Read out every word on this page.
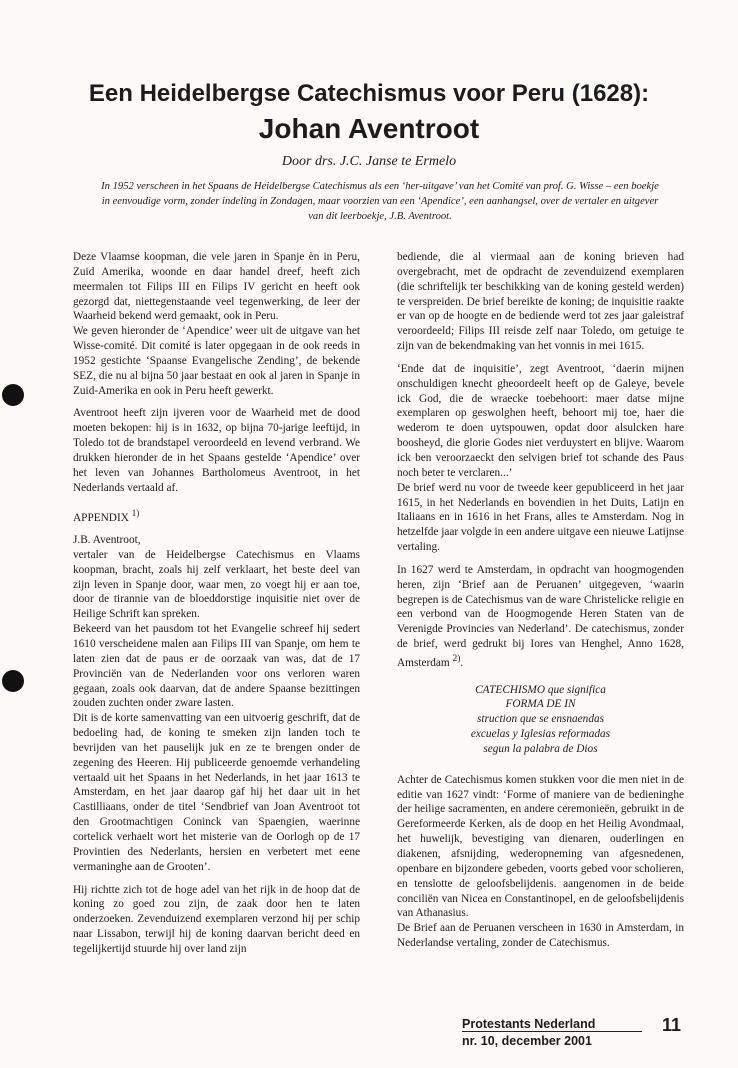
Een Heidelbergse Catechismus voor Peru (1628):
Johan Aventroot
Door drs. J.C. Janse te Ermelo
In 1952 verscheen in het Spaans de Heidelbergse Catechismus als een ‘her-uitgave’ van het Comité van prof. G. Wisse – een boekje in eenvoudige vorm, zonder indeling in Zondagen, maar voorzien van een ‘Apendice’, een aanhangsel, over de vertaler en uitgever van dit leerboekje, J.B. Aventroot.

Deze Vlaamse koopman, die vele jaren in Spanje èn in Peru, Zuid Amerika, woonde en daar handel dreef, heeft zich meermalen tot Filips III en Filips IV gericht en heeft ook gezorgd dat, niettegenstaande veel tegenwerking, de leer der Waarheid bekend werd gemaakt, ook in Peru.

We geven hieronder de ‘Apendice’ weer uit de uitgave van het Wisse-comité. Dit comité is later opgegaan in de ook reeds in 1952 gestichte ‘Spaanse Evangelische Zending’, de bekende SEZ, die nu al bijna 50 jaar bestaat en ook al jaren in Spanje in Zuid-Amerika en ook in Peru heeft gewerkt.

Aventroot heeft zijn ijveren voor de Waarheid met de dood moeten bekopen: hij is in 1632, op bijna 70-jarige leeftijd, in Toledo tot de brandstapel veroordeeld en levend verbrand. We drukken hieronder de in het Spaans gestelde ‘Apendice’ over het leven van Johannes Bartholomeus Aventroot, in het Nederlands vertaald af.

APPENDIX $^{1)}$

J.B. Aventroot,

vertaler van de Heidelbergse Catechismus en Vlaams koopman, bracht, zoals hij zelf verklaart, het beste deel van zijn leven in Spanje door, waar men, zo voegt hij er aan toe, door de tirannie van de bloeddorstige inquisitie niet over de Heilige Schrift kan spreken.

Bekeerd van het pausdom tot het Evangelie schreef hij sedert 1610 verscheidene malen aan Filips III van Spanje, om hem te laten zien dat de paus er de oorzaak van was, dat de 17 Provinciën van de Nederlanden voor ons verloren waren gegaan, zoals ook daarvan, dat de andere Spaanse bezittingen zouden zuchten onder zware lasten.

Dit is de korte samenvatting van een uitvoerig geschrift, dat de bedoeling had, de koning te smeken zijn landen toch te bevrijden van het pauselijk juk en ze te brengen onder de zegening des Heeren. Hij publiceerde genoemde verhandeling vertaald uit het Spaans in het Nederlands, in het jaar 1613 te Amsterdam, en het jaar daarop gaf hij het daar uit in het Castilliaans, onder de titel ‘Sendbrief van Joan Aventroot tot den Grootmachtigen Coninck van Spaengien, waerinne cortelick verhaelt wort het misterie van de Oorlogh op de 17 Provintien des Nederlants, hersien en verbetert met eene vermaninghe aan de Grooten’.

Hij richtte zich tot de hoge adel van het rijk in de hoop dat de koning zo goed zou zijn, de zaak door hen te laten onderzoeken. Zevenduizend exemplaren verzond hij per schip naar Lissabon, terwijl hij de koning daarvan bericht deed en tegelijkertijd stuurde hij over land zijn

bediende, die al viermaal aan de koning brieven had overgebracht, met de opdracht de zevenduizend exemplaren (die schriftelijk ter beschikking van de koning gesteld werden) te verspreiden. De brief bereikte de koning; de inquisitie raakte er van op de hoogte en de bediende werd tot zes jaar galeistraf veroordeeld; Filips III reisde zelf naar Toledo, om getuige te zijn van de bekendmaking van het vonnis in mei 1615.

‘Ende dat de inquisitie’, zegt Aventroot, ‘daerin mijnen onschuldigen knecht gheoordeelt heeft op de Galeye, bevele ick God, die de wraecke toebehoort: maer datse mijne exemplaren op geswolghen heeft, behoort mij toe, haer die wederom te doen uytspouwen, opdat door alsulcken hare boosheyd, die glorie Godes niet verduystert en blijve. Waarom ick ben veroorzaeckt den selvigen brief tot schande des Paus noch beter te verclaren...’

De brief werd nu voor de tweede keer gepubliceerd in het jaar 1615, in het Nederlands en bovendien in het Duits, Latijn en Italiaans en in 1616 in het Frans, alles te Amsterdam. Nog in hetzelfde jaar volgde in een andere uitgave een nieuwe Latijnse vertaling.

In 1627 werd te Amsterdam, in opdracht van hoogmogenden heren, zijn ‘Brief aan de Peruanen’ uitgegeven, ‘waarin begrepen is de Catechismus van de ware Christelicke religie en een verbond van de Hoogmogende Heren Staten van de Verenigde Provincies van Nederland’. De catechismus, zonder de brief, werd gedrukt bij Iores van Henghel, Anno 1628, Amsterdam $^{2)}$.

CATECHISMO que significa
FORMA DE IN
struction que se ensnaendas
excuelas y Iglesias reformadas
segun la palabra de Dios

Achter de Catechismus komen stukken voor die men niet in de editie van 1627 vindt: ‘Forme of maniere van de bedieninghe der heilige sacramenten, en andere ceremonieën, gebruikt in de Gereformeerde Kerken, als de doop en het Heilig Avondmaal, het huwelijk, bevestiging van dienaren, ouderlingen en diakenen, afsnijding, wederopneming van afgesnedenen, openbare en bijzondere gebeden, voorts gebed voor scholieren, en tenslotte de geloofsbelijdenis. aangenomen in de beide conciliën van Nicea en Constantinopel, en de geloofsbelijdenis van Athanasius.

De Brief aan de Peruanen verscheen in 1630 in Amsterdam, in Nederlandse vertaling, zonder de Catechismus.

Protestants Nederland
nr. 10, december 2001
11
